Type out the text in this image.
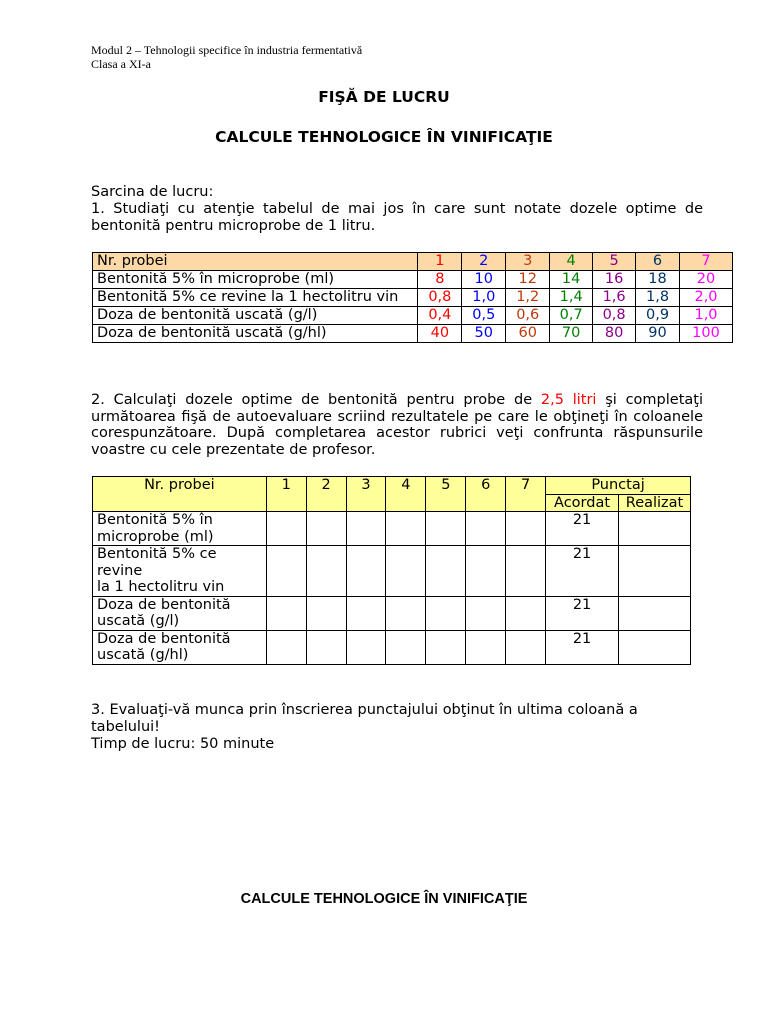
Modul 2 – Tehnologii specifice în industria fermentativă
Clasa a XI-a
FIŞĂ DE LUCRU
CALCULE TEHNOLOGICE ÎN VINIFICAŢIE
Sarcina de lucru:
1. Studiaţi cu atenţie tabelul de mai jos în care sunt notate dozele optime de bentonită pentru microprobe de 1 litru.
Nr. probei	1	2	3	4	5	6	7
Bentonită 5% în microprobe (ml)	8	10	12	14	16	18	20
Bentonită 5% ce revine la 1 hectolitru vin	0,8	1,0	1,2	1,4	1,6	1,8	2,0
Doza de bentonită uscată (g/l)	0,4	0,5	0,6	0,7	0,8	0,9	1,0
Doza de bentonită uscată (g/hl)	40	50	60	70	80	90	100
2. Calculaţi dozele optime de bentonită pentru probe de 2,5 litri şi completaţi următoarea fişă de autoevaluare scriind rezultatele pe care le obţineţi în coloanele corespunzătoare. După completarea acestor rubrici veţi confrunta răspunsurile voastre cu cele prezentate de profesor.
Nr. probei	1	2	3	4	5	6	7	Punctaj	
								Acordat	Realizat
Bentonită 5% în microprobe (ml)								21	
Bentonită 5% ce revine
la 1 hectolitru vin								21	
Doza de bentonită uscată (g/l)								21	
Doza de bentonită uscată (g/hl)								21	
3. Evaluaţi-vă munca prin înscrierea punctajului obţinut în ultima coloană a tabelului!
Timp de lucru: 50 minute
CALCULE TEHNOLOGICE ÎN VINIFICAŢIE
